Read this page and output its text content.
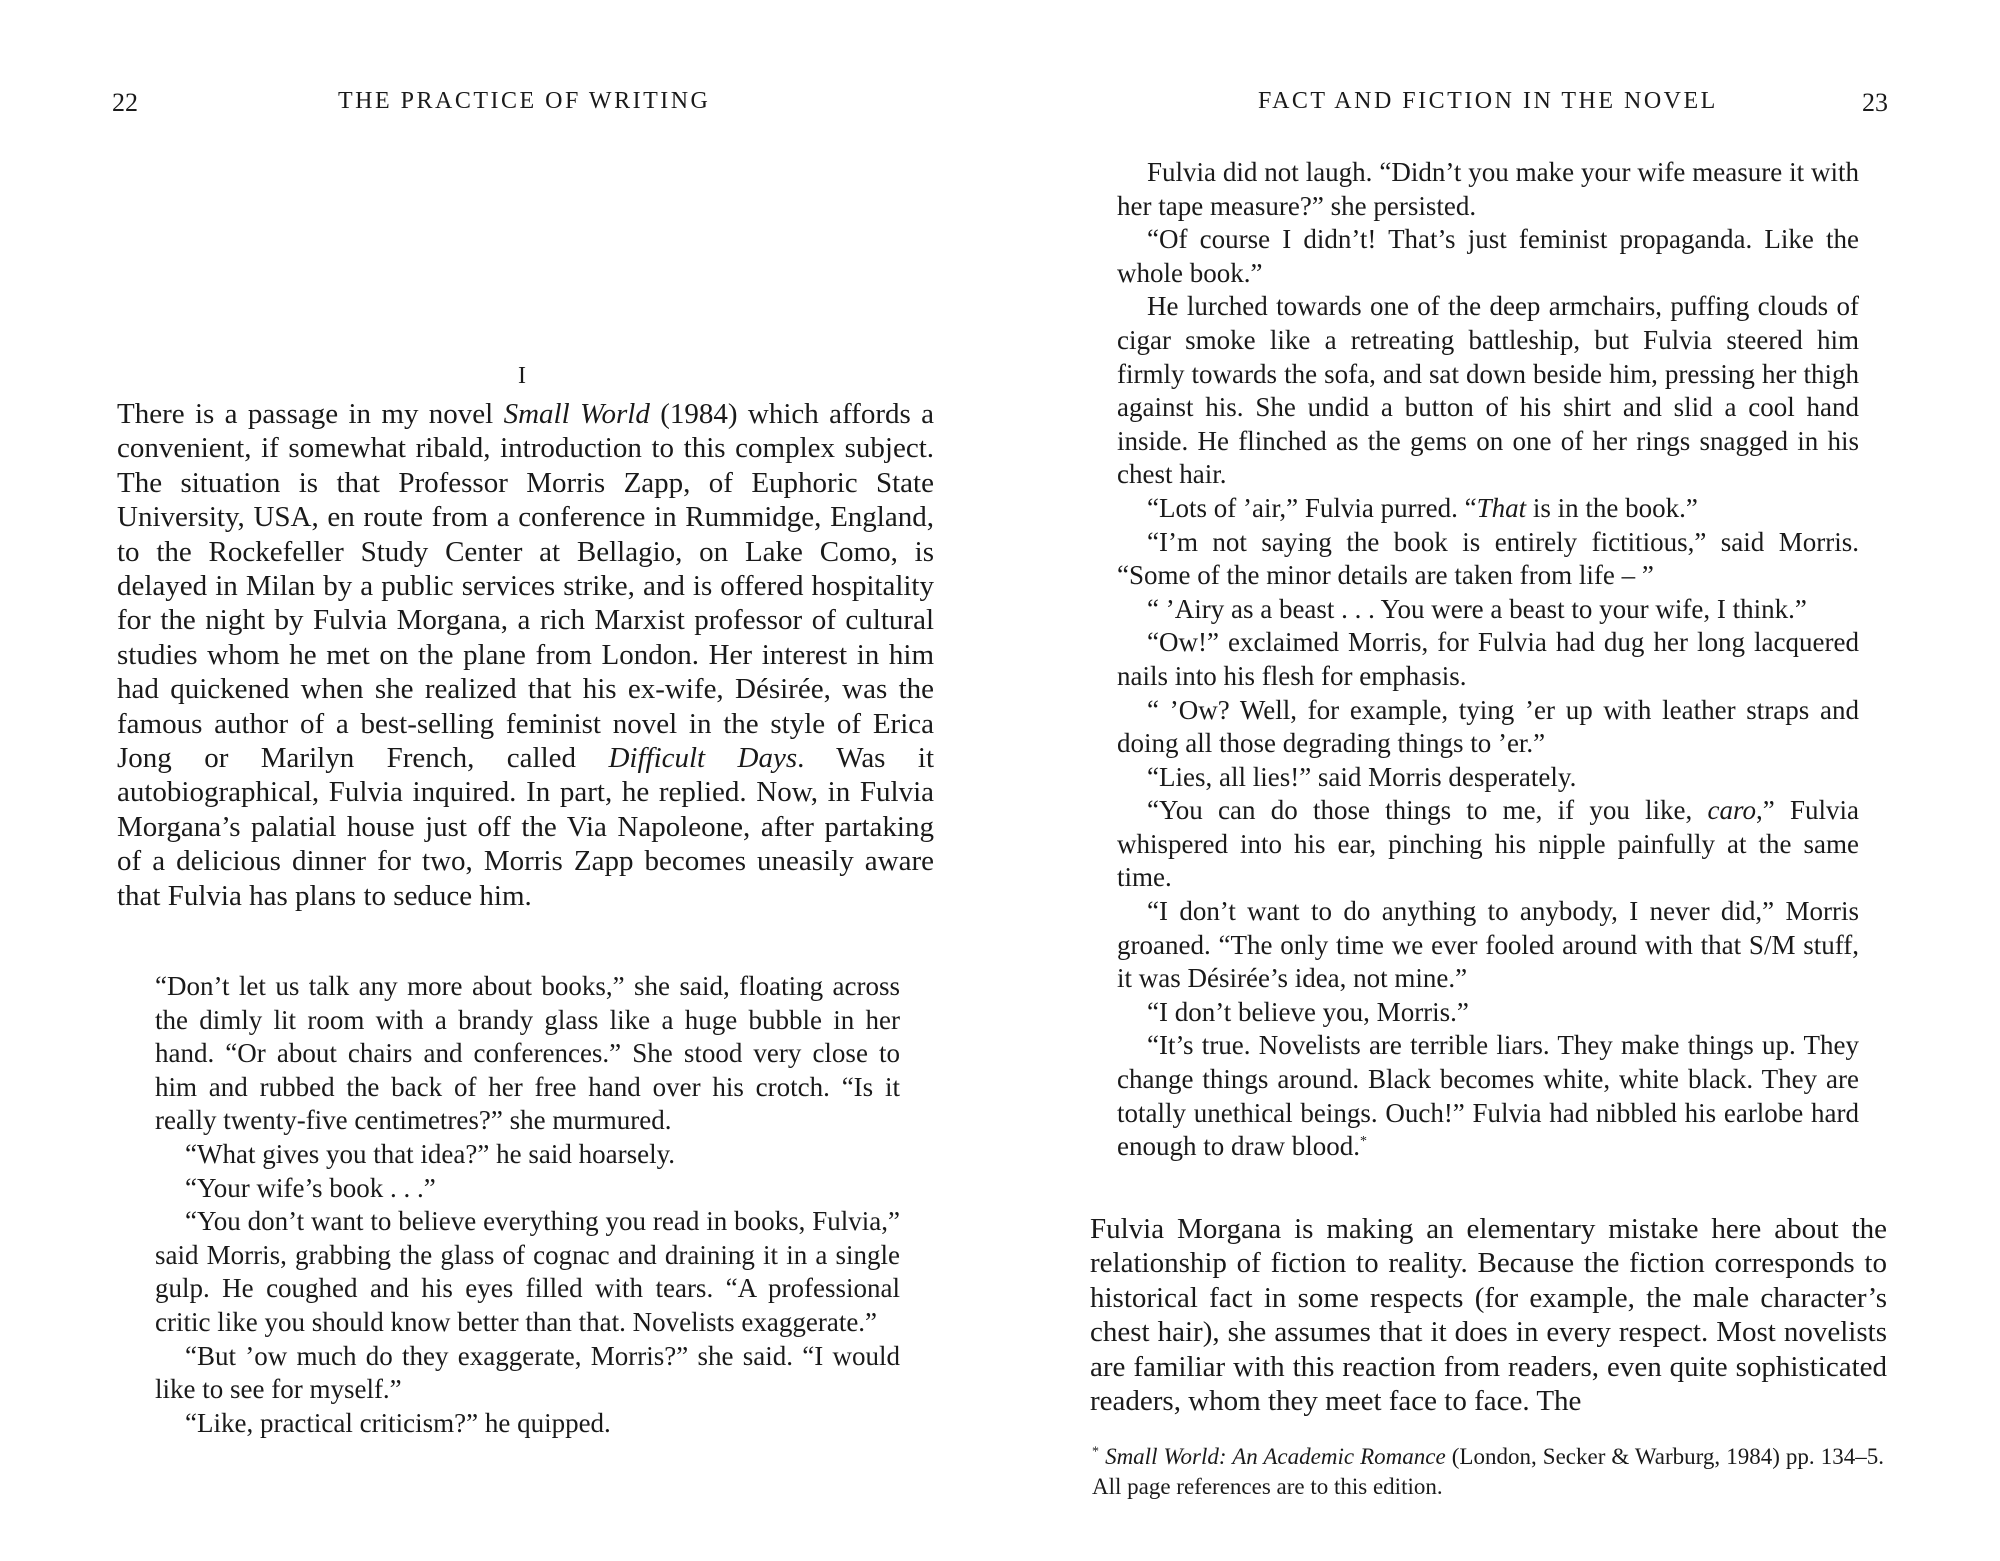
22	THE PRACTICE OF WRITING
I

There is a passage in my novel Small World (1984) which affords a convenient, if somewhat ribald, introduction to this complex subject. The situation is that Professor Morris Zapp, of Euphoric State University, USA, en route from a conference in Rummidge, England, to the Rockefeller Study Center at Bellagio, on Lake Como, is delayed in Milan by a public services strike, and is offered hospitality for the night by Fulvia Morgana, a rich Marxist professor of cultural studies whom he met on the plane from London. Her interest in him had quickened when she realized that his ex-wife, Désirée, was the famous author of a best-selling feminist novel in the style of Erica Jong or Marilyn French, called Difficult Days. Was it autobiographical, Fulvia inquired. In part, he replied. Now, in Fulvia Morgana’s palatial house just off the Via Napoleone, after partaking of a delicious dinner for two, Morris Zapp becomes uneasily aware that Fulvia has plans to seduce him.

“Don’t let us talk any more about books,” she said, floating across the dimly lit room with a brandy glass like a huge bubble in her hand. “Or about chairs and conferences.” She stood very close to him and rubbed the back of her free hand over his crotch. “Is it really twenty-five centimetres?” she murmured.

“What gives you that idea?” he said hoarsely.

“Your wife’s book . . .”

“You don’t want to believe everything you read in books, Fulvia,” said Morris, grabbing the glass of cognac and draining it in a single gulp. He coughed and his eyes filled with tears. “A professional critic like you should know better than that. Novelists exaggerate.”

“But ’ow much do they exaggerate, Morris?” she said. “I would like to see for myself.”

“Like, practical criticism?” he quipped.

FACT AND FICTION IN THE NOVEL	23

Fulvia did not laugh. “Didn’t you make your wife measure it with her tape measure?” she persisted.

“Of course I didn’t! That’s just feminist propaganda. Like the whole book.”

He lurched towards one of the deep armchairs, puffing clouds of cigar smoke like a retreating battleship, but Fulvia steered him firmly towards the sofa, and sat down beside him, pressing her thigh against his. She undid a button of his shirt and slid a cool hand inside. He flinched as the gems on one of her rings snagged in his chest hair.

“Lots of ’air,” Fulvia purred. “That is in the book.”

“I’m not saying the book is entirely fictitious,” said Morris. “Some of the minor details are taken from life – ”

“ ’Airy as a beast . . . You were a beast to your wife, I think.”

“Ow!” exclaimed Morris, for Fulvia had dug her long lacquered nails into his flesh for emphasis.

“ ’Ow? Well, for example, tying ’er up with leather straps and doing all those degrading things to ’er.”

“Lies, all lies!” said Morris desperately.

“You can do those things to me, if you like, caro,” Fulvia whispered into his ear, pinching his nipple painfully at the same time.

“I don’t want to do anything to anybody, I never did,” Morris groaned. “The only time we ever fooled around with that S/M stuff, it was Désirée’s idea, not mine.”

“I don’t believe you, Morris.”

“It’s true. Novelists are terrible liars. They make things up. They change things around. Black becomes white, white black. They are totally unethical beings. Ouch!” Fulvia had nibbled his earlobe hard enough to draw blood.*

Fulvia Morgana is making an elementary mistake here about the relationship of fiction to reality. Because the fiction corresponds to historical fact in some respects (for example, the male character’s chest hair), she assumes that it does in every respect. Most novelists are familiar with this reaction from readers, even quite sophisticated readers, whom they meet face to face. The

* Small World: An Academic Romance (London, Secker & Warburg, 1984) pp. 134–5. All page references are to this edition.
